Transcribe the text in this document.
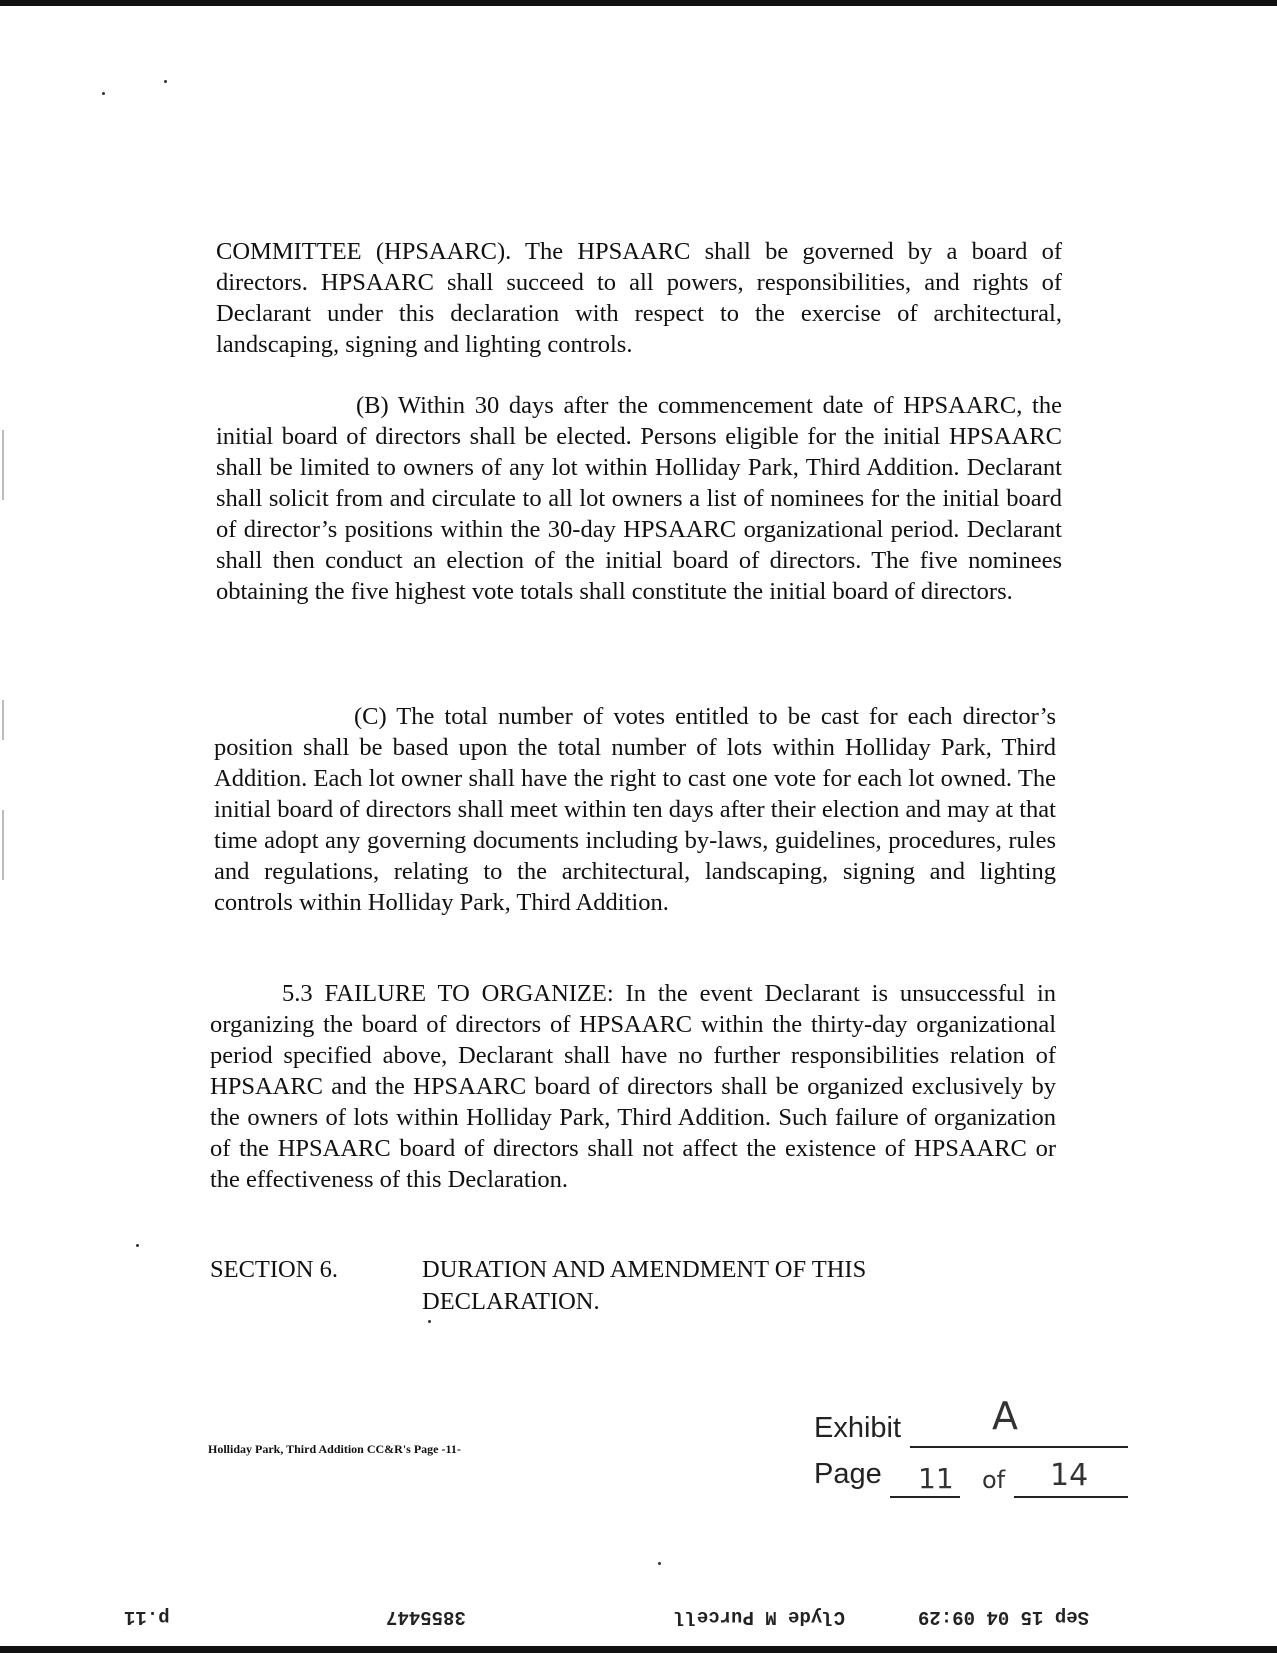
COMMITTEE (HPSAARC). The HPSAARC shall be governed by a board of directors. HPSAARC shall succeed to all powers, responsibilities, and rights of Declarant under this declaration with respect to the exercise of architectural, landscaping, signing and lighting controls.

(B) Within 30 days after the commencement date of HPSAARC, the initial board of directors shall be elected. Persons eligible for the initial HPSAARC shall be limited to owners of any lot within Holliday Park, Third Addition. Declarant shall solicit from and circulate to all lot owners a list of nominees for the initial board of director’s positions within the 30-day HPSAARC organizational period. Declarant shall then conduct an election of the initial board of directors. The five nominees obtaining the five highest vote totals shall constitute the initial board of directors.

(C) The total number of votes entitled to be cast for each director’s position shall be based upon the total number of lots within Holliday Park, Third Addition. Each lot owner shall have the right to cast one vote for each lot owned. The initial board of directors shall meet within ten days after their election and may at that time adopt any governing documents including by-laws, guidelines, procedures, rules and regulations, relating to the architectural, landscaping, signing and lighting controls within Holliday Park, Third Addition.

5.3 FAILURE TO ORGANIZE: In the event Declarant is unsuccessful in organizing the board of directors of HPSAARC within the thirty-day organizational period specified above, Declarant shall have no further responsibilities relation of HPSAARC and the HPSAARC board of directors shall be organized exclusively by the owners of lots within Holliday Park, Third Addition. Such failure of organization of the HPSAARC board of directors shall not affect the existence of HPSAARC or the effectiveness of this Declaration.

SECTION 6.	DURATION AND AMENDMENT OF THIS DECLARATION.
Holliday Park, Third Addition CC&R's Page -11-
Exhibit A
Page 11 of 14
p.11	3855447	Clyde M Purcell	Sep 15 04 09:29
